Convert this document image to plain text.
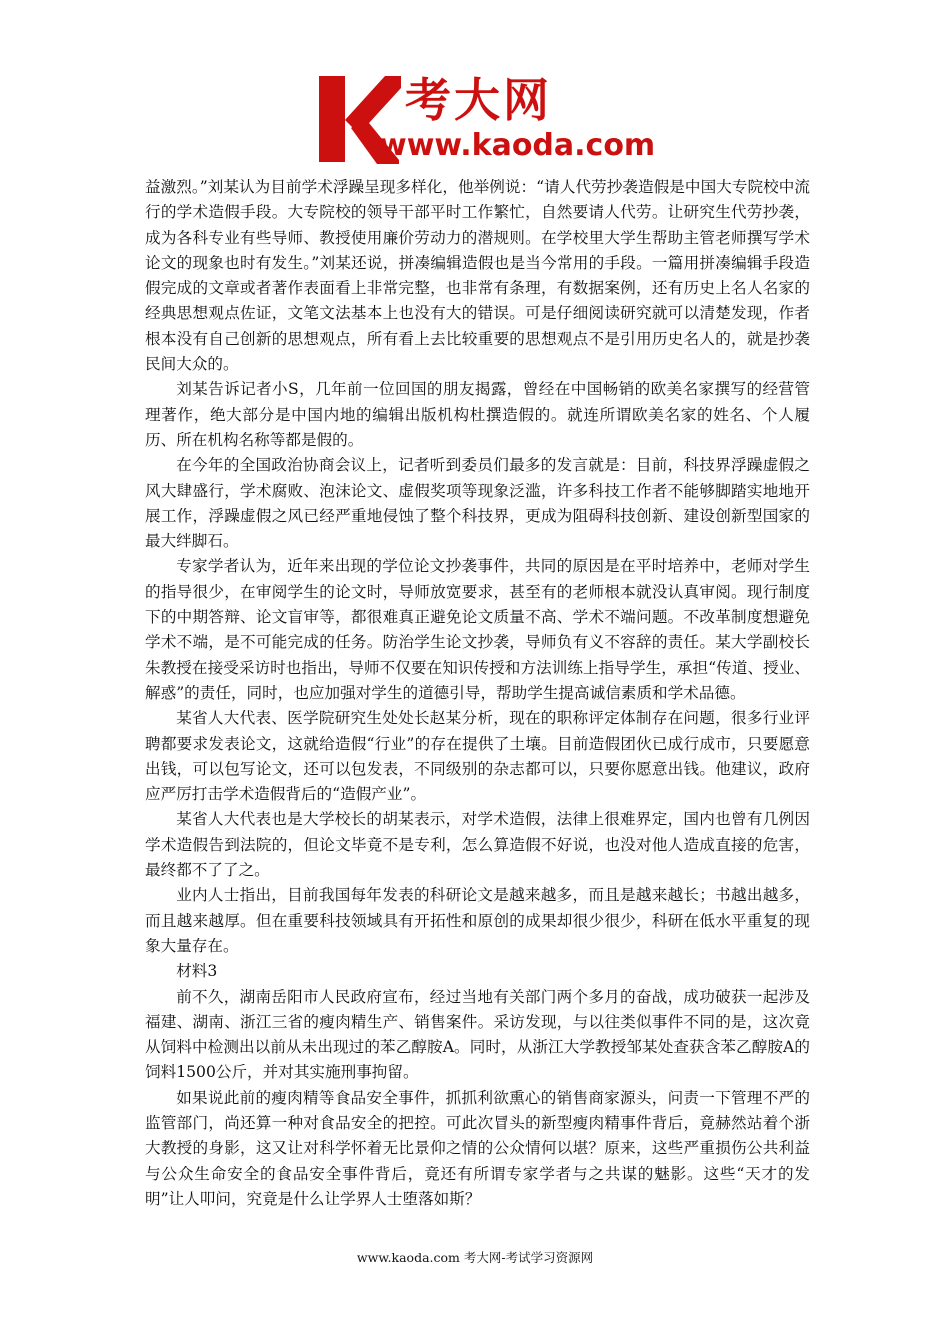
考大网
www.kaoda.com

益激烈。”刘某认为目前学术浮躁呈现多样化，他举例说：“请人代劳抄袭造假是中国大专院校中流行的学术造假手段。大专院校的领导干部平时工作繁忙，自然要请人代劳。让研究生代劳抄袭，成为各科专业有些导师、教授使用廉价劳动力的潜规则。在学校里大学生帮助主管老师撰写学术论文的现象也时有发生。”刘某还说，拼凑编辑造假也是当今常用的手段。一篇用拼凑编辑手段造假完成的文章或者著作表面看上非常完整，也非常有条理，有数据案例，还有历史上名人名家的经典思想观点佐证，文笔文法基本上也没有大的错误。可是仔细阅读研究就可以清楚发现，作者根本没有自己创新的思想观点，所有看上去比较重要的思想观点不是引用历史名人的，就是抄袭民间大众的。

刘某告诉记者小S，几年前一位回国的朋友揭露，曾经在中国畅销的欧美名家撰写的经营管理著作，绝大部分是中国内地的编辑出版机构杜撰造假的。就连所谓欧美名家的姓名、个人履历、所在机构名称等都是假的。

在今年的全国政治协商会议上，记者听到委员们最多的发言就是：目前，科技界浮躁虚假之风大肆盛行，学术腐败、泡沫论文、虚假奖项等现象泛滥，许多科技工作者不能够脚踏实地地开展工作，浮躁虚假之风已经严重地侵蚀了整个科技界，更成为阻碍科技创新、建设创新型国家的最大绊脚石。

专家学者认为，近年来出现的学位论文抄袭事件，共同的原因是在平时培养中，老师对学生的指导很少，在审阅学生的论文时，导师放宽要求，甚至有的老师根本就没认真审阅。现行制度下的中期答辩、论文盲审等，都很难真正避免论文质量不高、学术不端问题。不改革制度想避免学术不端，是不可能完成的任务。防治学生论文抄袭，导师负有义不容辞的责任。某大学副校长朱教授在接受采访时也指出，导师不仅要在知识传授和方法训练上指导学生，承担“传道、授业、解惑”的责任，同时，也应加强对学生的道德引导，帮助学生提高诚信素质和学术品德。

某省人大代表、医学院研究生处处长赵某分析，现在的职称评定体制存在问题，很多行业评聘都要求发表论文，这就给造假“行业”的存在提供了土壤。目前造假团伙已成行成市，只要愿意出钱，可以包写论文，还可以包发表，不同级别的杂志都可以，只要你愿意出钱。他建议，政府应严厉打击学术造假背后的“造假产业”。

某省人大代表也是大学校长的胡某表示，对学术造假，法律上很难界定，国内也曾有几例因学术造假告到法院的，但论文毕竟不是专利，怎么算造假不好说，也没对他人造成直接的危害，最终都不了了之。

业内人士指出，目前我国每年发表的科研论文是越来越多，而且是越来越长；书越出越多，而且越来越厚。但在重要科技领域具有开拓性和原创的成果却很少很少，科研在低水平重复的现象大量存在。

材料3

前不久，湖南岳阳市人民政府宣布，经过当地有关部门两个多月的奋战，成功破获一起涉及福建、湖南、浙江三省的瘦肉精生产、销售案件。采访发现，与以往类似事件不同的是，这次竟从饲料中检测出以前从未出现过的苯乙醇胺A。同时，从浙江大学教授邹某处查获含苯乙醇胺A的饲料1500公斤，并对其实施刑事拘留。

如果说此前的瘦肉精等食品安全事件，抓抓利欲熏心的销售商家源头，问责一下管理不严的监管部门，尚还算一种对食品安全的把控。可此次冒头的新型瘦肉精事件背后，竟赫然站着个浙大教授的身影，这又让对科学怀着无比景仰之情的公众情何以堪？原来，这些严重损伤公共利益与公众生命安全的食品安全事件背后，竟还有所谓专家学者与之共谋的魅影。这些“天才的发明”让人叩问，究竟是什么让学界人士堕落如斯？

www.kaoda.com 考大网-考试学习资源网
